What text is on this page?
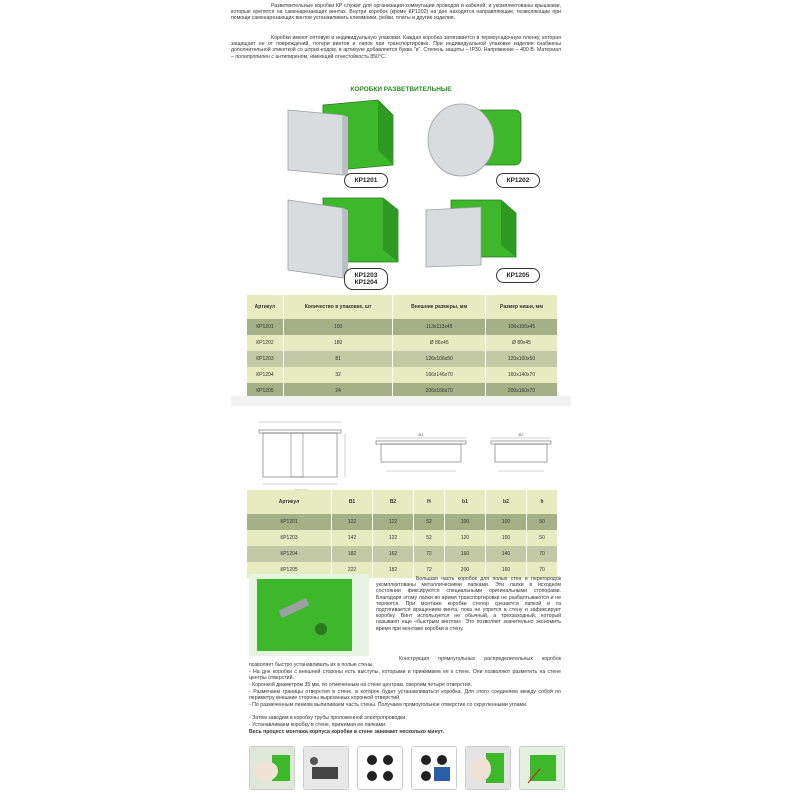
Разветвительные коробки КР служат для организации коммутации проводов и кабелей, и укомплектованы крышками, которые крепятся на самонарезающих винтах. Внутри коробок (кроме КР1202) на дне находятся направляющие, позволяющие при помощи самонарезающих винтов устанавливать клеммники, рейки, платы и другие изделия.
Коробки имеют оптовую и индивидуальную упаковки. Каждая коробка затягивается в термоусадочную пленку, которая защищает ее от повреждений, потери винтов и лапок при транспортировке. При индивидуальной упаковке изделия снабжены дополнительной этикеткой со штрих-кодом, в артикуле добавляется буква "и". Степень защиты – IP30. Напряжение – 400 В. Материал – полипропилен с антипиреном, имеющий огнестойкость 850°С.
КОРОБКИ РАЗВЕТВИТЕЛЬНЫЕ
КР1201	КР1202
КР1203
КР1204
КР1205
Артикул	Количество в упаковке, шт	Внешние размеры, мм	Размер ниши, мм
КР1201	100	113х113х45	106х106х45
КР1202	180	Ø 86х45	Ø 80х45
КР1203	81	126х106х50	120х100х50
КР1204	32	166х146х70	160х140х70
КР1205	24	206х166х70	200х160х70
В1	В2
Артикул	B1	B2	H	b1	b2	h
КР1201	122	122	52	100	100	50
КР1203	142	122	52	120	100	50
КР1204	182	162	72	160	140	70
КР1205	222	182	72	200	160	70
Большая часть коробок для полых стен и перегородок укомплектованы металлическими лапками. Эти лапки в исходном состоянии фиксируются специальными оригинальными стопорами. Благодаря этому лапки во время транспортировки не разбалтываются и не теряются. При монтаже коробки стопор срезается лапкой и та подтягивается вращением винта, пока не упрется в стену и зафиксирует коробку. Винт используется не обычный, а трехзаходный, который называют еще «быстрым винтом». Это позволяет значительно экономить время при монтаже коробки в стену.
Конструкция прямоугольных распределительных коробок позволяет быстро устанавливать их в полые стены.
- На дне коробки с внешней стороны есть выступы, которыми и прижимаем ее к стене. Они позволяют разметить на стене центры отверстий.
- Коронкой диаметром 35 мм, по отмеченным на стене центрам, сверлим четыре отверстия.
- Размечаем границы отверстия в стене, в которое будет устанавливаться коробка. Для этого соединяем между собой по периметру внешние стороны вырезанных коронкой отверстий.
- По размеченным линиям выпиливаем часть стены. Получаем прямоугольное отверстие со скругленными углами.
- Затем заводим в коробку трубы проложенной электропроводки.
- Устанавливаем коробку в стене, прижимая ее лапками.
Весь процесс монтажа корпуса коробки в стене занимает несколько минут.
